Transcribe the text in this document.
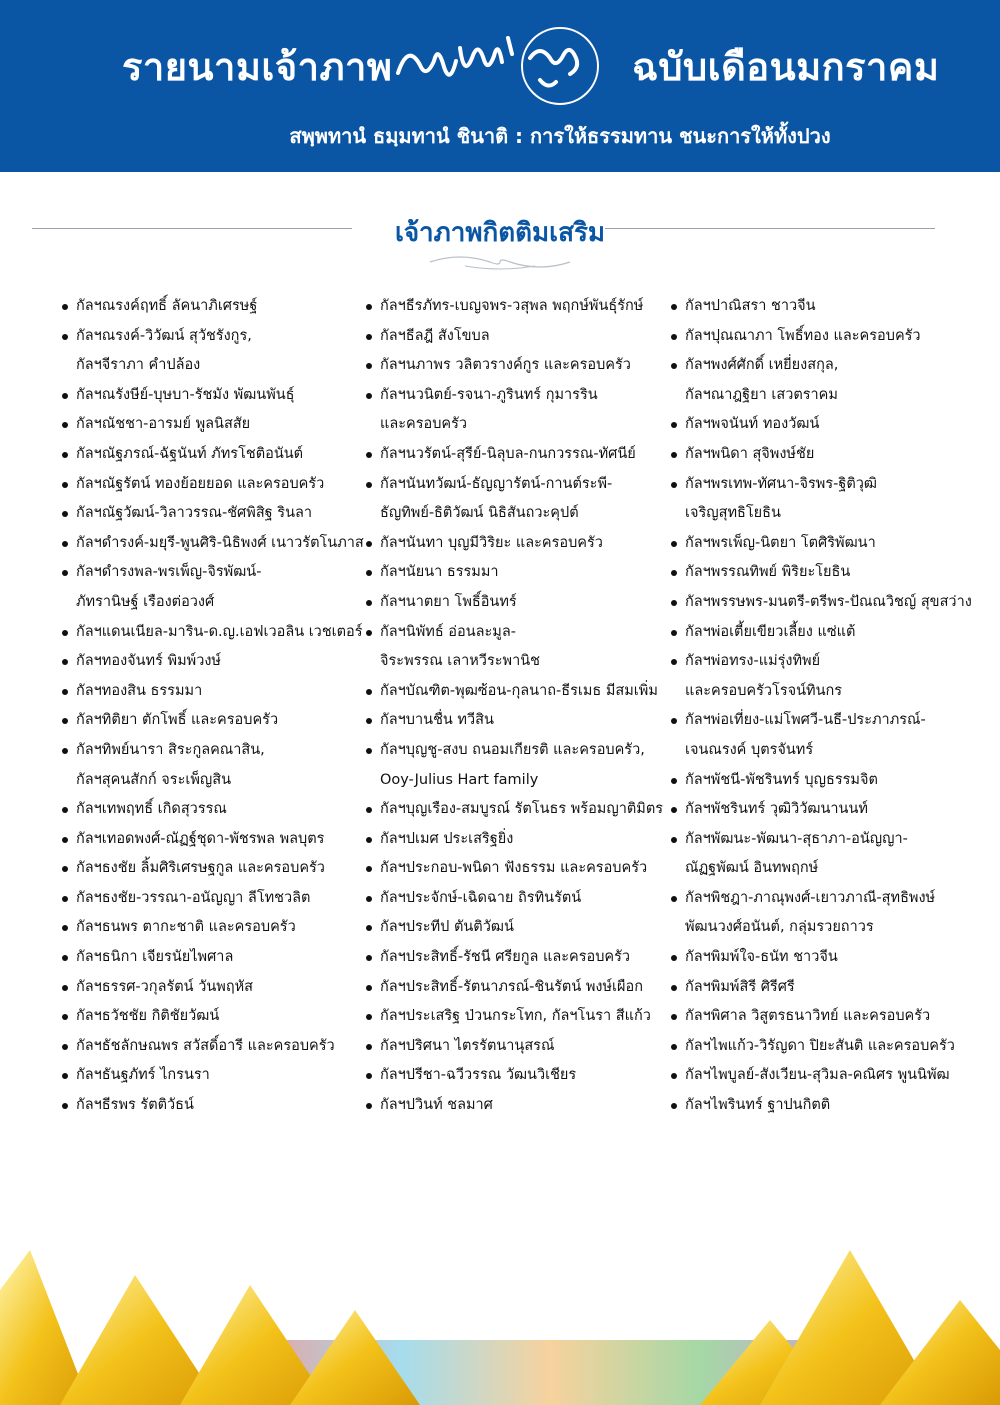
รายนามเจ้าภาพ	ฉบับเดือนมกราคม
สพฺพทานํ ธมฺมทานํ ชินาติ : การให้ธรรมทาน ชนะการให้ทั้งปวง
เจ้าภาพกิตติมเสริม
กัลฯณรงค์ฤทธิ์ ลัคนาภิเศรษฐ์
กัลฯณรงค์-วิวัฒน์ สุวัชรังกูร,
กัลฯจีราภา คำปล้อง
กัลฯณรังษีย์-บุษบา-รัชมัง พัฒนพันธุ์
กัลฯณัชชา-อารมย์ พูลนิสสัย
กัลฯณัฐภรณ์-ฉัฐนันท์ ภัทรโชติอนันต์
กัลฯณัฐรัตน์ ทองย้อยยอด และครอบครัว
กัลฯณัฐวัฒน์-วิลาวรรณ-ชัศพิสิฐ รินลา
กัลฯดำรงค์-มยุรี-พูนศิริ-นิธิพงศ์ เนาวรัตโนภาส
กัลฯดำรงพล-พรเพ็ญ-จิรพัฒน์-
ภัทรานิษฐ์ เรืองต่อวงศ์
กัลฯแดนเนียล-มาริน-ด.ญ.เอฟเวอลิน เวชเตอร์
กัลฯทองจันทร์ พิมพ์วงษ์
กัลฯทองสิน ธรรมมา
กัลฯทิติยา ตักโพธิ์ และครอบครัว
กัลฯทิพย์นารา สิระกูลคณาสิน,
กัลฯสุคนสักก์ จระเพ็ญสิน
กัลฯเทพฤทธิ์ เกิดสุวรรณ
กัลฯเทอดพงศ์-ณัฏฐ์ชุดา-พัชรพล พลบุตร
กัลฯธงชัย ลิ้มศิริเศรษฐกูล และครอบครัว
กัลฯธงชัย-วรรณา-อนัญญา ลีโทชวลิต
กัลฯธนพร ตากะชาติ และครอบครัว
กัลฯธนิกา เจียรนัยไพศาล
กัลฯธรรศ-วกุลรัตน์ วันพฤหัส
กัลฯธวัชชัย กิติชัยวัฒน์
กัลฯธัชลักษณพร สวัสดิ์อารี และครอบครัว
กัลฯธันฐภัทร์ ไกรนรา
กัลฯธีรพร รัตติวัธน์
กัลฯธีรภัทร-เบญจพร-วสุพล พฤกษ์พันธุ์รักษ์
กัลฯธีลฎี สังโขบล
กัลฯนภาพร วลิตวรางค์กูร และครอบครัว
กัลฯนวนิตย์-รจนา-ภูรินทร์ กุมารริน
และครอบครัว
กัลฯนวรัตน์-สุรีย์-นิลุบล-กนกวรรณ-ทัศนีย์
กัลฯนันทวัฒน์-ธัญญารัตน์-กานต์ระพี-
ธัญทิพย์-ธิติวัฒน์ นิธิสันถวะคุปต์
กัลฯนันทา บุญมีวิริยะ และครอบครัว
กัลฯนัยนา ธรรมมา
กัลฯนาตยา โพธิ์อินทร์
กัลฯนิพัทธ์ อ่อนละมูล-
จิระพรรณ เลาหวีระพานิช
กัลฯบัณฑิต-พุฒซ้อน-กุลนาถ-ธีรเมธ มีสมเพิ่ม
กัลฯบานชื่น ทวีสิน
กัลฯบุญชู-สงบ ถนอมเกียรติ และครอบครัว,
Ooy-Julius Hart family
กัลฯบุญเรือง-สมบูรณ์ รัตโนธร พร้อมญาติมิตร
กัลฯปเมศ ประเสริฐยิ่ง
กัลฯประกอบ-พนิดา ฟังธรรม และครอบครัว
กัลฯประจักษ์-เฉิดฉาย ถิรทินรัตน์
กัลฯประทีป ตันติวัฒน์
กัลฯประสิทธิ์-รัชนี ศรียกูล และครอบครัว
กัลฯประสิทธิ์-รัตนาภรณ์-ชินรัตน์ พงษ์เผือก
กัลฯประเสริฐ ป่วนกระโทก, กัลฯโนรา สีแก้ว
กัลฯปริศนา ไตรรัตนานุสรณ์
กัลฯปรีชา-ฉวีวรรณ วัฒนวิเชียร
กัลฯปวินท์ ชลมาศ
กัลฯปาณิสรา ชาวจีน
กัลฯปุณณาภา โพธิ์ทอง และครอบครัว
กัลฯพงศ์ศักดิ์ เหยี่ยงสกุล,
กัลฯณาฎฐิยา เสวตราคม
กัลฯพจนันท์ ทองวัฒน์
กัลฯพนิดา สุจิพงษ์ชัย
กัลฯพรเทพ-ทัศนา-จิรพร-ฐิติวุฒิ
เจริญสุทธิโยธิน
กัลฯพรเพ็ญ-นิตยา โตศิริพัฒนา
กัลฯพรรณทิพย์ พิริยะโยธิน
กัลฯพรรษพร-มนตรี-ตรีพร-ปัณณวิชญ์ สุขสว่าง
กัลฯพ่อเตี้ยเขียวเลี้ยง แซ่แต้
กัลฯพ่อทรง-แม่รุ่งทิพย์
และครอบครัวโรจน์ทินกร
กัลฯพ่อเที่ยง-แม่โพศวี-นธี-ประภาภรณ์-
เจนณรงค์ บุตรจันทร์
กัลฯพัชนี-พัชรินทร์ บุญธรรมจิต
กัลฯพัชรินทร์ วุฒิวิวัฒนานนท์
กัลฯพัฒนะ-พัฒนา-สุธาภา-อนัญญา-
ณัฏฐพัฒน์ อินทพฤกษ์
กัลฯพิชฎา-ภาณุพงศ์-เยาวภาณี-สุทธิพงษ์
พัฒนวงศ์อนันต์, กลุ่มรวยถาวร
กัลฯพิมพ์ใจ-ธนัท ชาวจีน
กัลฯพิมพ์สิรี ศิรีศรี
กัลฯพิศาล วิสูตรธนาวิทย์ และครอบครัว
กัลฯไพแก้ว-วิรัญดา ปิยะสันติ และครอบครัว
กัลฯไพบูลย์-สังเวียน-สุวิมล-คณิศร พูนนิพัฒ
กัลฯไพรินทร์ ฐาปนกิตติ
